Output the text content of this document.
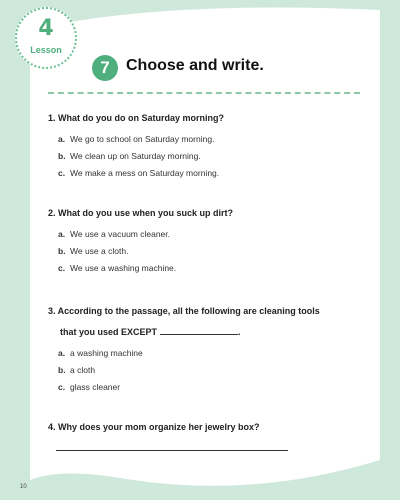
4
Lesson
7	Choose and write.
1. What do you do on Saturday morning?
a. We go to school on Saturday morning.
b. We clean up on Saturday morning.
c. We make a mess on Saturday morning.
2. What do you use when you suck up dirt?
a. We use a vacuum cleaner.
b. We use a cloth.
c. We use a washing machine.
3. According to the passage, all the following are cleaning tools
that you used EXCEPT	.
a. a washing machine
b. a cloth
c. glass cleaner
4. Why does your mom organize her jewelry box?
10
